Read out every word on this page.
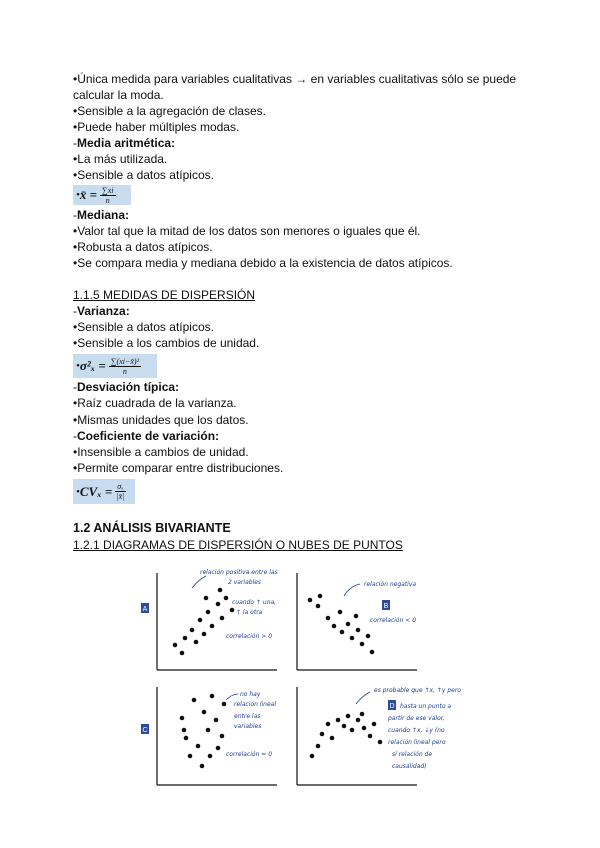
•Única medida para variables cualitativas → en variables cualitativas sólo se puede
calcular la moda.
•Sensible a la agregación de clases.
•Puede haber múltiples modas.
-Media aritmética:
•La más utilizada.
•Sensible a datos atípicos.
• x̄ = $\frac{\sum xi}{n}$
-Mediana:
•Valor tal que la mitad de los datos son menores o iguales que él.
•Robusta a datos atípicos.
•Se compara media y mediana debido a la existencia de datos atípicos.
1.1.5 MEDIDAS DE DISPERSIÓN
-Varianza:
•Sensible a datos atípicos.
•Sensible a los cambios de unidad.
• $\sigma^2_x = \frac{\text{∑(xi−x̄)²}}{n}$
-Desviación típica:
•Raíz cuadrada de la varianza.
•Mismas unidades que los datos.
-Coeficiente de variación:
•Insensible a cambios de unidad.
•Permite comparar entre distribuciones.
• $CV_x = \frac{\text{σₓ}}{|x̄|}$
1.2 ANÁLISIS BIVARIANTE
1.2.1 DIAGRAMAS DE DISPERSIÓN O NUBES DE PUNTOS
A
relación positiva entre las
2 variables
cuando ↑ una,
↑ la otra
correlación > 0
B
relación negativa
correlación < 0
C
no hay
relación lineal
entre las
variables
correlación = 0
D
es probable que ↑x, ↑y pero
hasta un punto a
partir de ese valor,
cuando ↑x, ↓y (no
relación lineal pero
sí relación de
causalidad)
